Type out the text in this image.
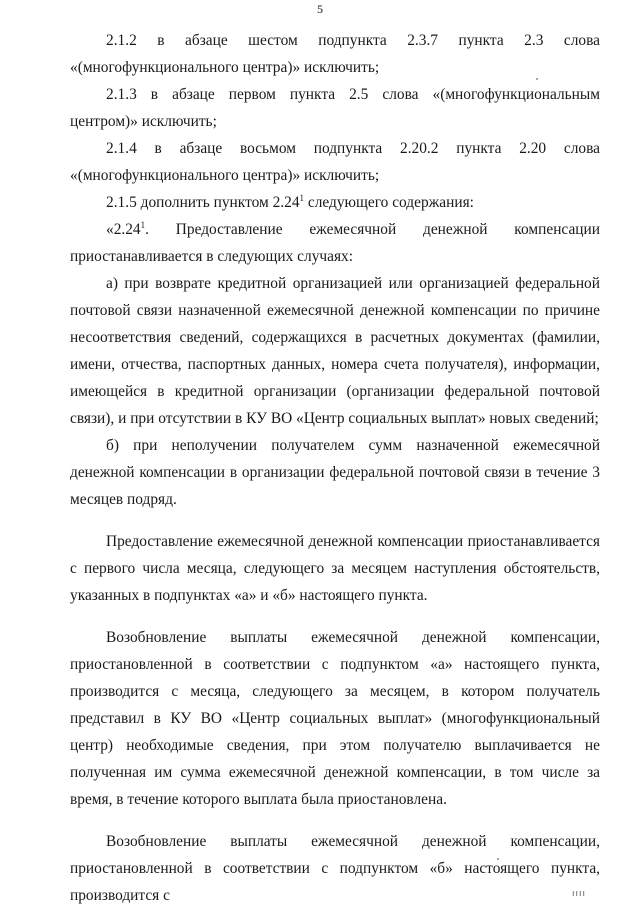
5

2.1.2 в абзаце шестом подпункта 2.3.7 пункта 2.3 слова «(многофункционального центра)» исключить;

2.1.3 в абзаце первом пункта 2.5 слова «(многофункциональным центром)» исключить;

2.1.4 в абзаце восьмом подпункта 2.20.2 пункта 2.20 слова «(многофункционального центра)» исключить;

2.1.5 дополнить пунктом 2.24$^1$ следующего содержания:

«2.24$^1$. Предоставление ежемесячной денежной компенсации приостанавливается в следующих случаях:

а) при возврате кредитной организацией или организацией федеральной почтовой связи назначенной ежемесячной денежной компенсации по причине несоответствия сведений, содержащихся в расчетных документах (фамилии, имени, отчества, паспортных данных, номера счета получателя), информации, имеющейся в кредитной организации (организации федеральной почтовой связи), и при отсутствии в КУ ВО «Центр социальных выплат» новых сведений;

б) при неполучении получателем сумм назначенной ежемесячной денежной компенсации в организации федеральной почтовой связи в течение 3 месяцев подряд.

Предоставление ежемесячной денежной компенсации приостанавливается с первого числа месяца, следующего за месяцем наступления обстоятельств, указанных в подпунктах «а» и «б» настоящего пункта.

Возобновление выплаты ежемесячной денежной компенсации, приостановленной в соответствии с подпунктом «а» настоящего пункта, производится с месяца, следующего за месяцем, в котором получатель представил в КУ ВО «Центр социальных выплат» (многофункциональный центр) необходимые сведения, при этом получателю выплачивается не полученная им сумма ежемесячной денежной компенсации, в том числе за время, в течение которого выплата была приостановлена.

Возобновление выплаты ежемесячной денежной компенсации, приостановленной в соответствии с подпунктом «б» настоящего пункта, производится с	ıııı
